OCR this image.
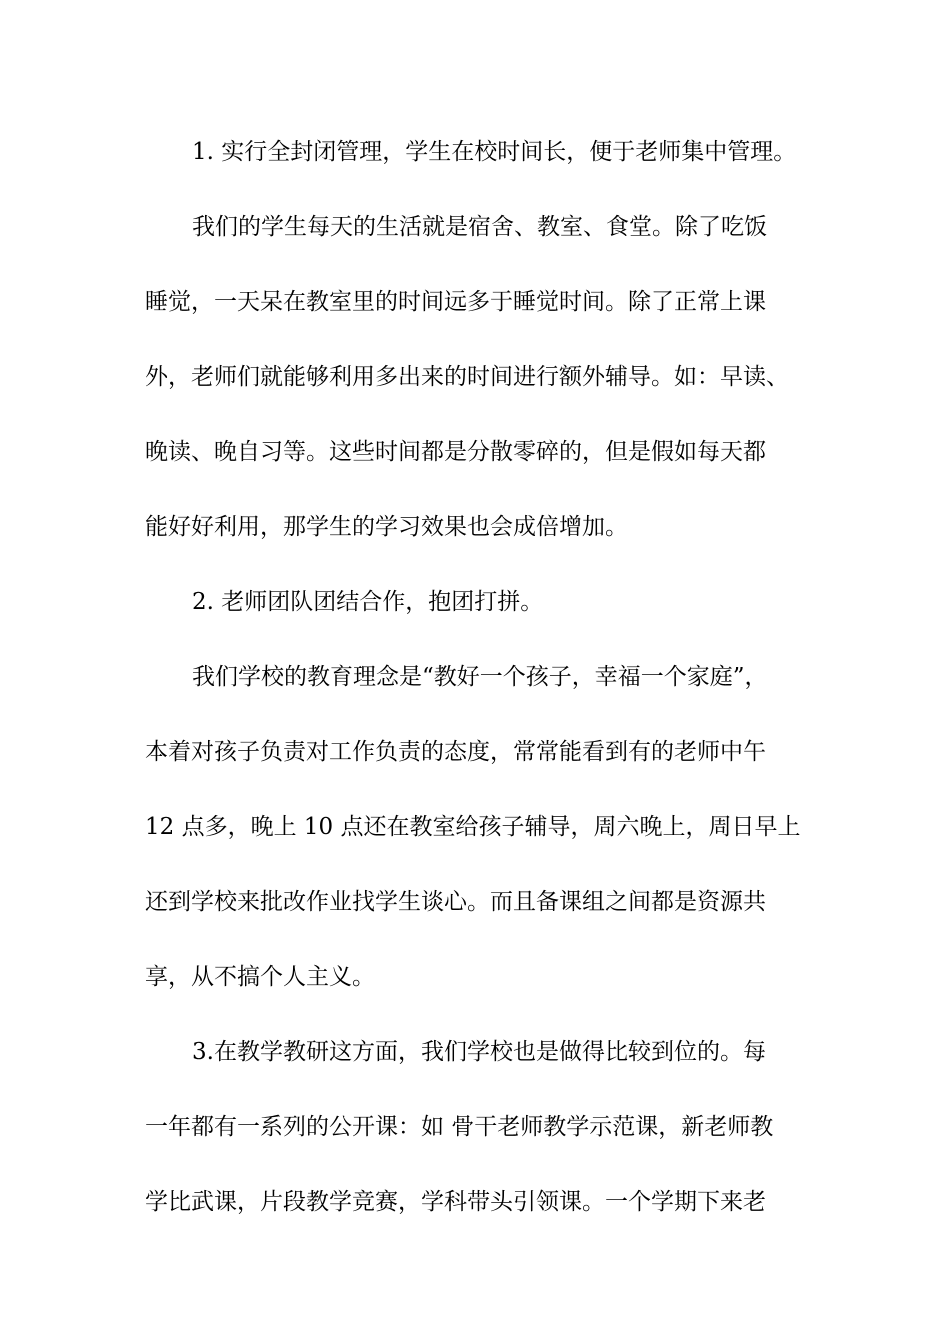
1. 实行全封闭管理，学生在校时间长，便于老师集中管理。
我们的学生每天的生活就是宿舍、教室、食堂。除了吃饭
睡觉，一天呆在教室里的时间远多于睡觉时间。除了正常上课
外，老师们就能够利用多出来的时间进行额外辅导。如：早读、
晚读、晚自习等。这些时间都是分散零碎的，但是假如每天都
能好好利用，那学生的学习效果也会成倍增加。
2. 老师团队团结合作，抱团打拼。
我们学校的教育理念是“教好一个孩子，幸福一个家庭”，
本着对孩子负责对工作负责的态度，常常能看到有的老师中午
12 点多，晚上 10 点还在教室给孩子辅导，周六晚上，周日早上
还到学校来批改作业找学生谈心。而且备课组之间都是资源共
享，从不搞个人主义。
3.在教学教研这方面，我们学校也是做得比较到位的。每
一年都有一系列的公开课：如 骨干老师教学示范课，新老师教
学比武课，片段教学竞赛，学科带头引领课。一个学期下来老
